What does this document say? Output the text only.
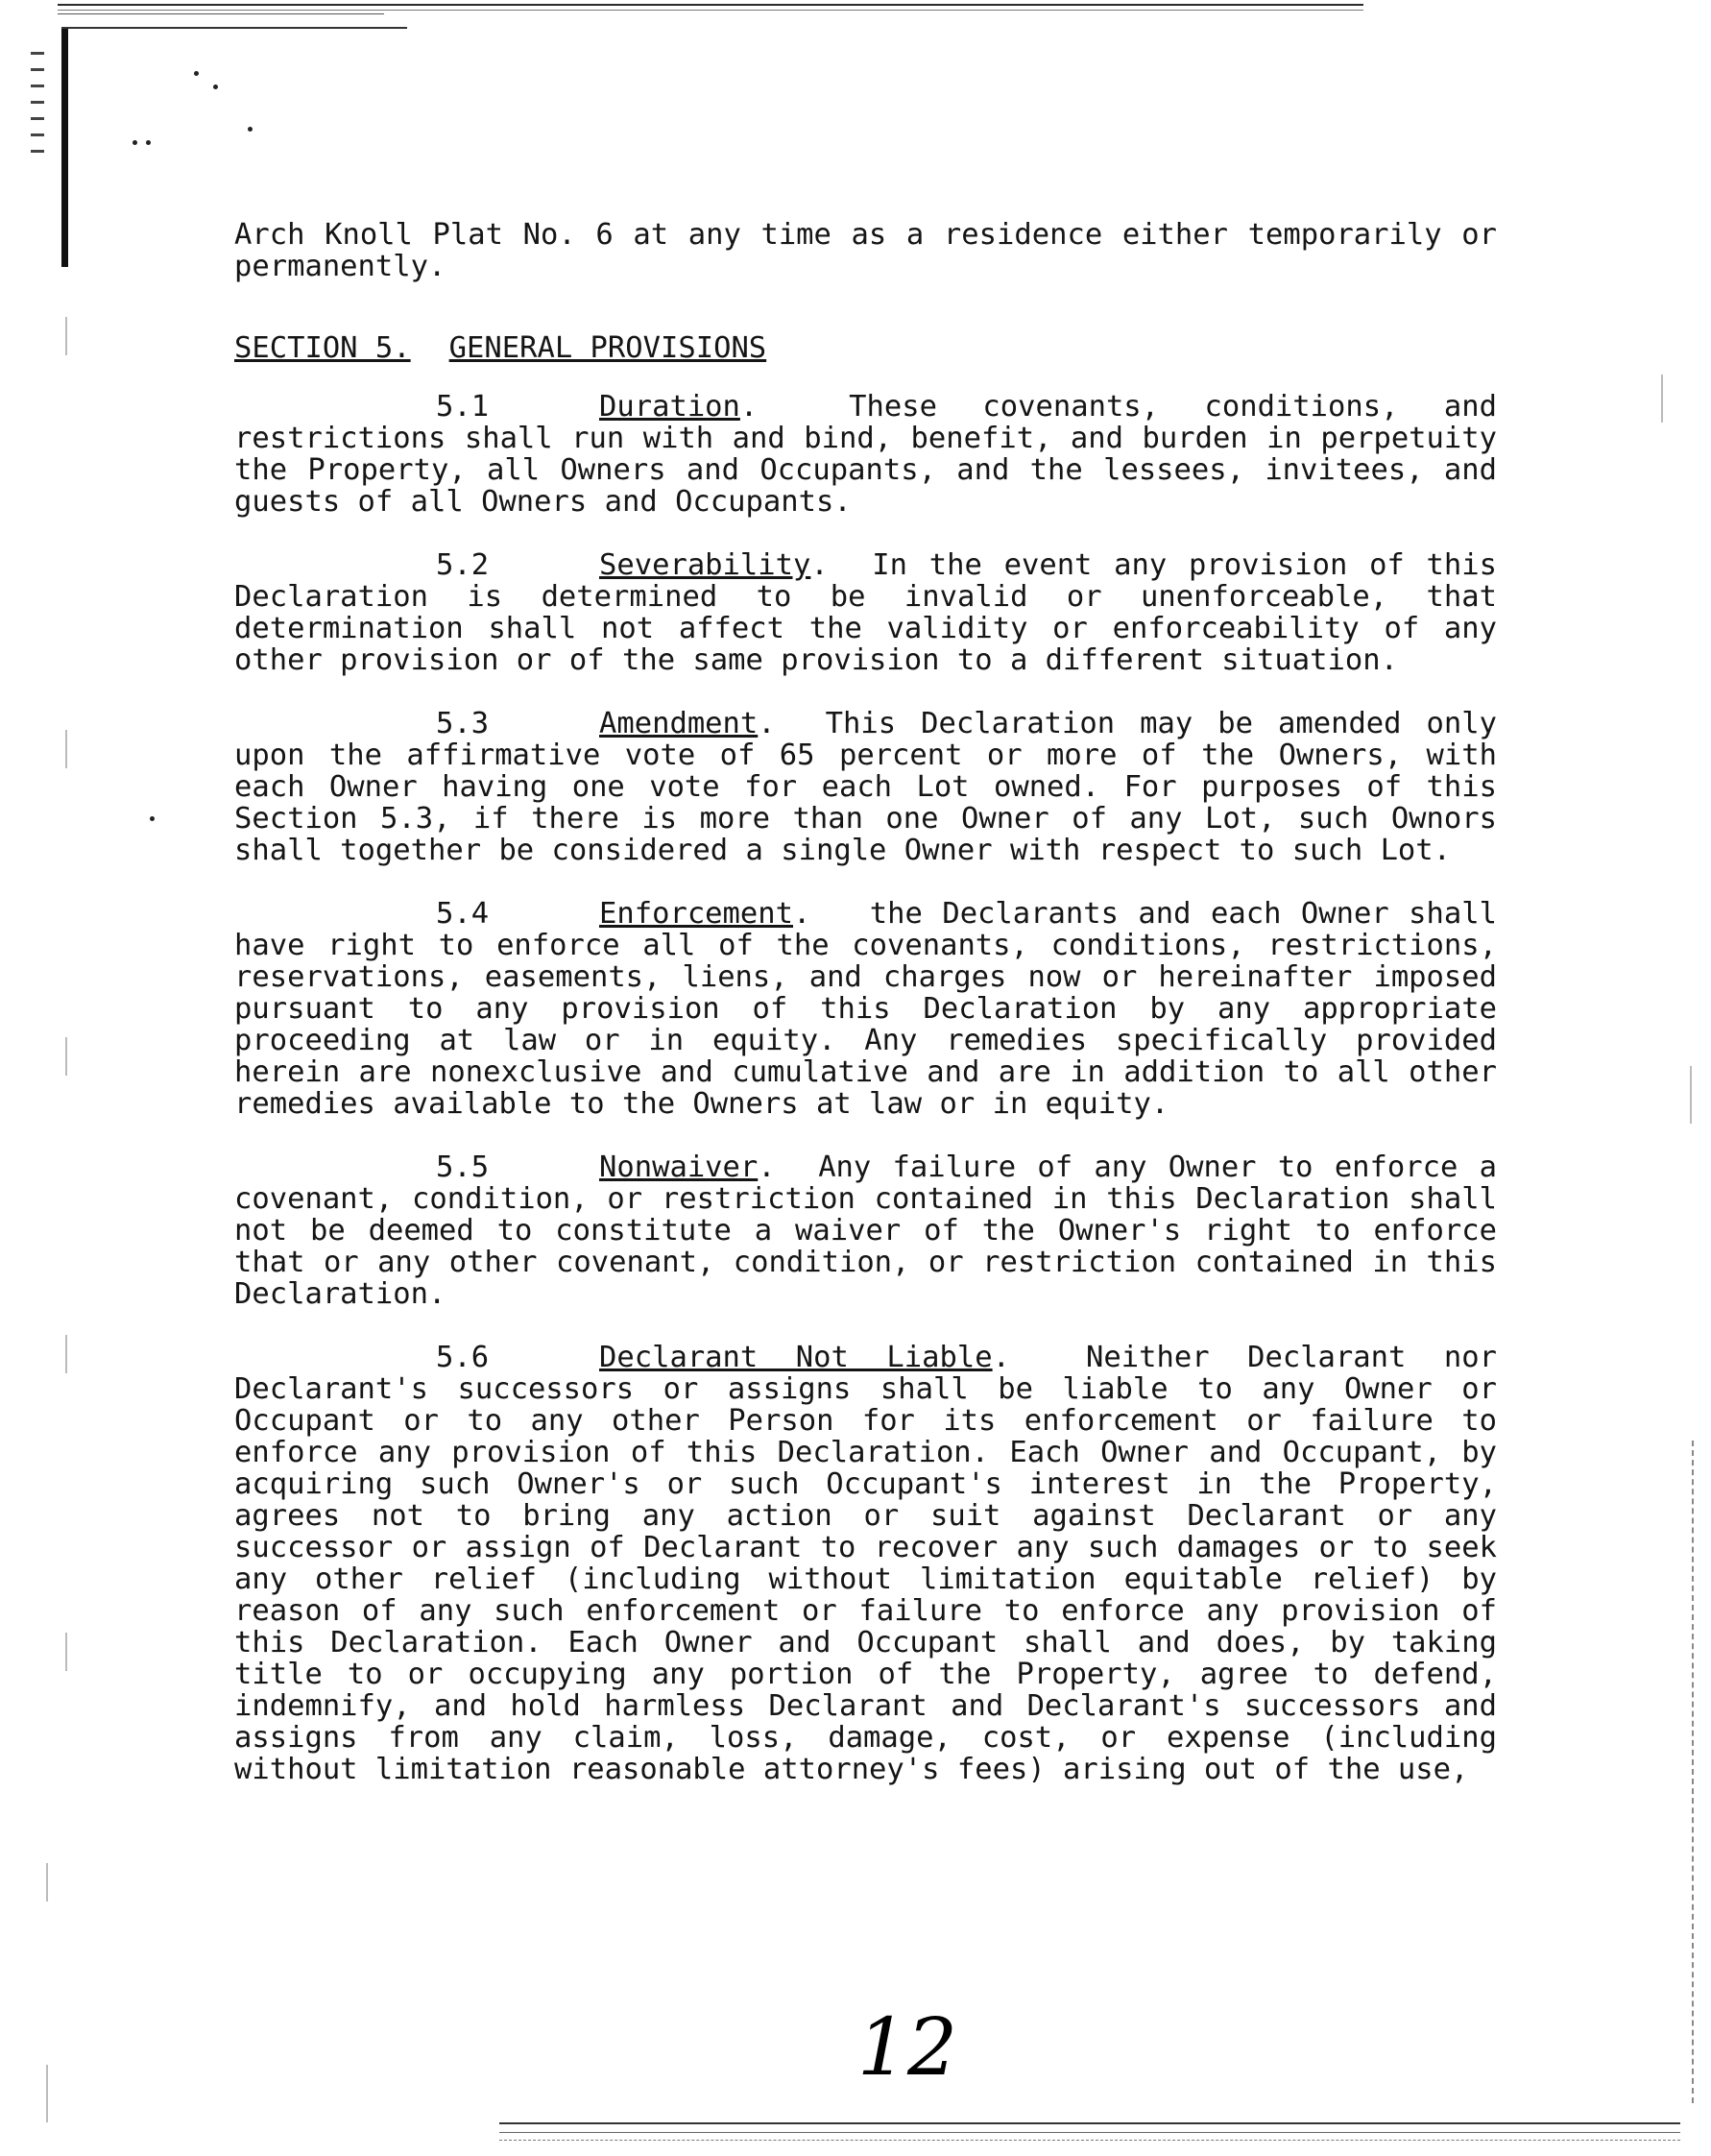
Arch Knoll Plat No. 6 at any time as a residence either temporarily or permanently.

SECTION 5. GENERAL PROVISIONS

5.1	Duration.  These covenants, conditions, and restrictions shall run with and bind, benefit, and burden in perpetuity the Property, all Owners and Occupants, and the lessees, invitees, and guests of all Owners and Occupants.

5.2	Severability.  In the event any provision of this Declaration is determined to be invalid or unenforceable, that determination shall not affect the validity or enforceability of any other provision or of the same provision to a different situation.

5.3	Amendment.  This Declaration may be amended only upon the affirmative vote of 65 percent or more of the Owners, with each Owner having one vote for each Lot owned. For purposes of this Section 5.3, if there is more than one Owner of any Lot, such Ownors shall together be considered a single Owner with respect to such Lot.

5.4	Enforcement.   the Declarants and each Owner shall have right to enforce all of the covenants, conditions, restrictions, reservations, easements, liens, and charges now or hereinafter imposed pursuant to any provision of this Declaration by any appropriate proceeding at law or in equity. Any remedies specifically provided herein are nonexclusive and cumulative and are in addition to all other remedies available to the Owners at law or in equity.

5.5	Nonwaiver.  Any failure of any Owner to enforce a covenant, condition, or restriction contained in this Declaration shall not be deemed to constitute a waiver of the Owner's right to enforce that or any other covenant, condition, or restriction contained in this Declaration.

5.6	Declarant Not Liable.  Neither Declarant nor Declarant's successors or assigns shall be liable to any Owner or Occupant or to any other Person for its enforcement or failure to enforce any provision of this Declaration. Each Owner and Occupant, by acquiring such Owner's or such Occupant's interest in the Property, agrees not to bring any action or suit against Declarant or any successor or assign of Declarant to recover any such damages or to seek any other relief (including without limitation equitable relief) by reason of any such enforcement or failure to enforce any provision of this Declaration. Each Owner and Occupant shall and does, by taking title to or occupying any portion of the Property, agree to defend, indemnify, and hold harmless Declarant and Declarant's successors and assigns from any claim, loss, damage, cost, or expense (including without limitation reasonable attorney's fees) arising out of the use,

12
